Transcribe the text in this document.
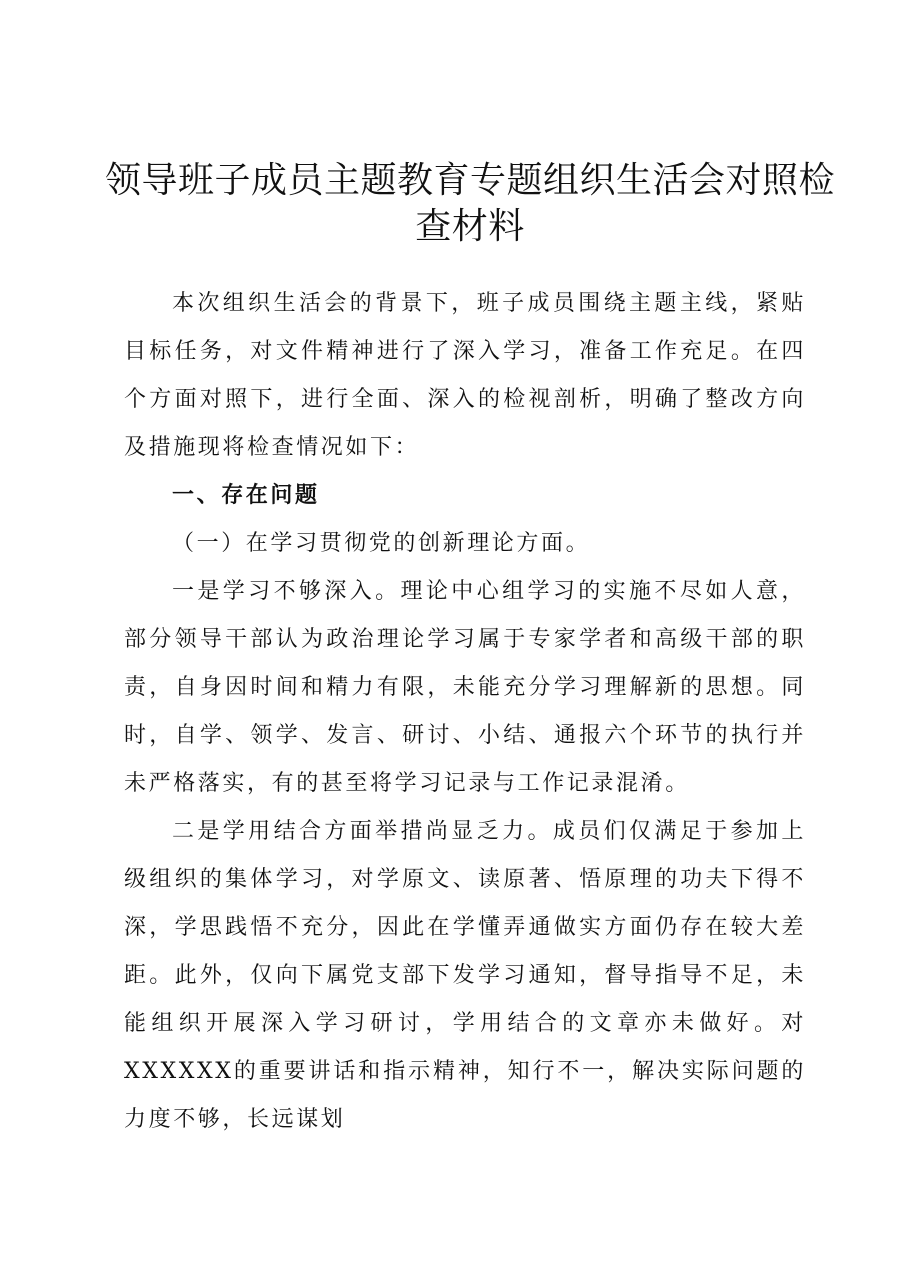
领导班子成员主题教育专题组织生活会对照检查材料

本次组织生活会的背景下，班子成员围绕主题主线，紧贴目标任务，对文件精神进行了深入学习，准备工作充足。在四个方面对照下，进行全面、深入的检视剖析，明确了整改方向及措施现将检查情况如下：

一、存在问题

（一）在学习贯彻党的创新理论方面。

一是学习不够深入。理论中心组学习的实施不尽如人意，部分领导干部认为政治理论学习属于专家学者和高级干部的职责，自身因时间和精力有限，未能充分学习理解新的思想。同时，自学、领学、发言、研讨、小结、通报六个环节的执行并未严格落实，有的甚至将学习记录与工作记录混淆。

二是学用结合方面举措尚显乏力。成员们仅满足于参加上级组织的集体学习，对学原文、读原著、悟原理的功夫下得不深，学思践悟不充分，因此在学懂弄通做实方面仍存在较大差距。此外，仅向下属党支部下发学习通知，督导指导不足，未能组织开展深入学习研讨，学用结合的文章亦未做好。对XXXXXX的重要讲话和指示精神，知行不一，解决实际问题的力度不够，长远谋划
